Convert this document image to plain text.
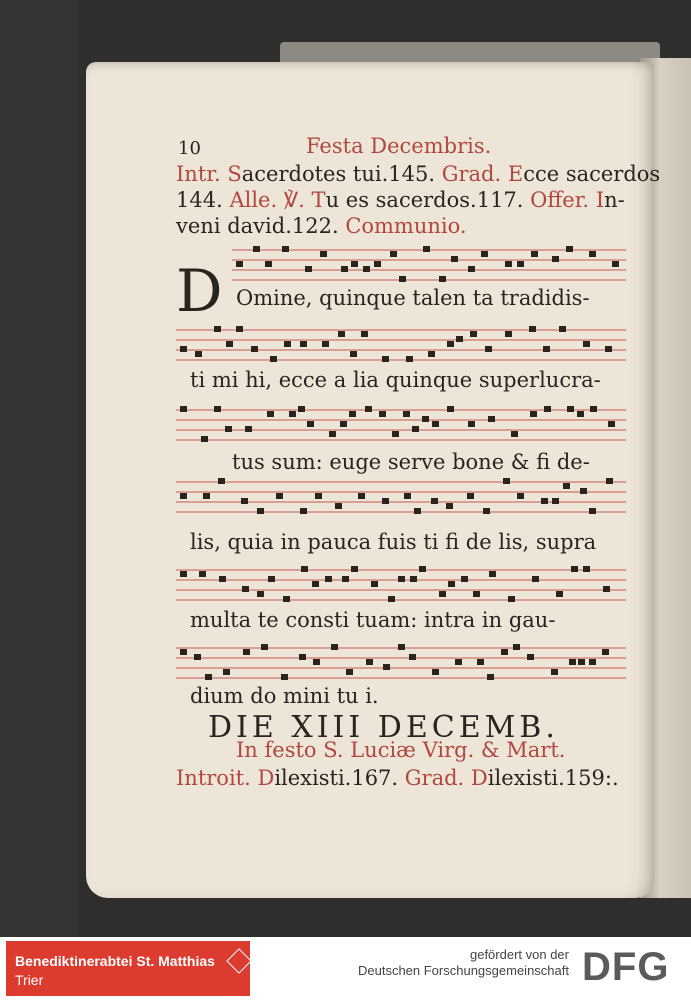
10	Festa Decembris.
Intr. Sacerdotes tui.145. Grad. Ecce sacerdos
144. Alle. ℣. Tu es sacerdos.117. Offer. In-
veni david.122. Communio.
D Omine, quinque talen ta tradidis-
ti mi hi, ecce a lia quinque superlucra-
tus sum: euge serve bone & fi de-
lis, quia in pauca fuis ti fi de lis, supra
multa te consti tuam: intra in gau-
dium do mini tu i.
DIE XIII DECEMB.
In festo S. Luciæ Virg. & Mart.
Introit. Dilexisti.167. Grad. Dilexisti.159:.
Benediktinerabtei St. Matthias
Trier
gefördert von der
Deutschen Forschungsgemeinschaft DFG
